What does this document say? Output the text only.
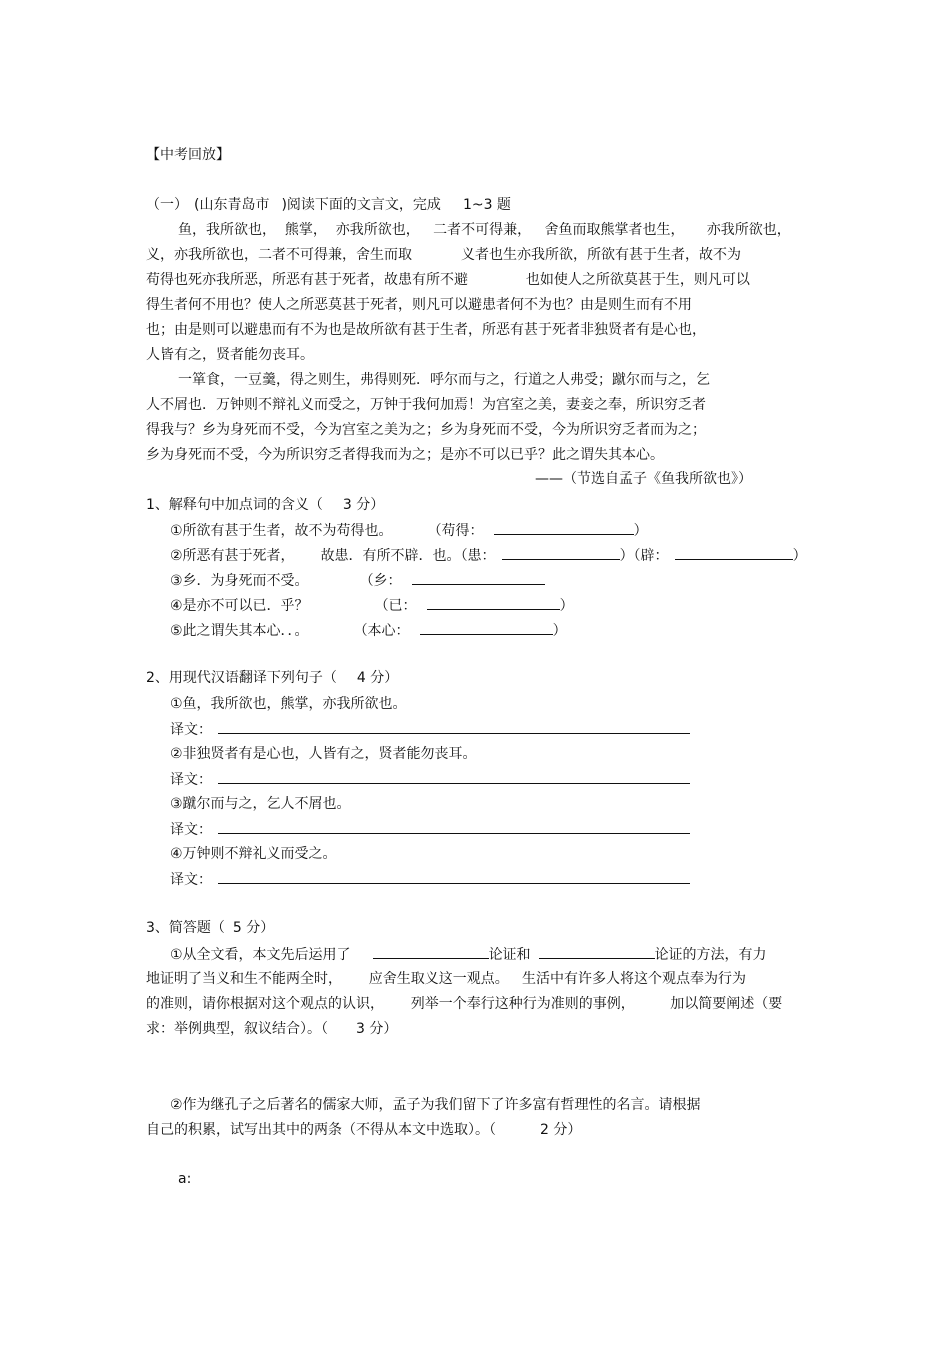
【中考回放】
（一） (山东青岛市 )阅读下面的文言文，完成 1~3 题
鱼，我所欲也，  熊掌，  亦我所欲也，   二者不可得兼，   舍鱼而取熊掌者也生，     亦我所欲也，
义，亦我所欲也，二者不可得兼，舍生而取           义者也生亦我所欲，所欲有甚于生者，故不为
苟得也死亦我所恶，所恶有甚于死者，故患有所不避             也如使人之所欲莫甚于生，则凡可以
得生者何不用也？使人之所恶莫甚于死者，则凡可以避患者何不为也？由是则生而有不用
也；由是则可以避患而有不为也是故所欲有甚于生者，所恶有甚于死者非独贤者有是心也，
人皆有之，贤者能勿丧耳。
一箪食，一豆羹，得之则生，弗得则死．呼尔而与之，行道之人弗受；蹴尔而与之，乞
人不屑也．万钟则不辩礼义而受之，万钟于我何加焉！为宫室之美，妻妾之奉，所识穷乏者
得我与？乡为身死而不受，今为宫室之美为之；乡为身死而不受，今为所识穷乏者而为之；
乡为身死而不受，今为所识穷乏者得我而为之；是亦不可以已乎？此之谓失其本心。
——（节选自孟子《鱼我所欲也》）
1、解释句中加点词的含义（ 3 分）
①所欲有甚于生者，故不为苟得也。	（苟得：	）
②所恶有甚于死者， 故患．有所不辟．也。（患：	）（辟：	）
③乡．为身死而不受。	（乡：
④是亦不可以已．乎？	（已：	）
⑤此之谓失其本心．．。	（本心：	）
2、用现代汉语翻译下列句子（ 4 分）
①鱼，我所欲也，熊掌，亦我所欲也。
译文：
②非独贤者有是心也，人皆有之，贤者能勿丧耳。
译文：
③蹴尔而与之，乞人不屑也。
译文：
④万钟则不辩礼义而受之。
译文：
3、简答题（ 5 分）
①从全文看，本文先后运用了	论证和	论证的方法，有力
地证明了当义和生不能两全时，      应舍生取义这一观点。   生活中有许多人将这个观点奉为行为
的准则，请你根据对这个观点的认识，      列举一个奉行这种行为准则的事例，        加以简要阐述（要
求：举例典型，叙议结合）。（ 3 分）
②作为继孔子之后著名的儒家大师，孟子为我们留下了许多富有哲理性的名言。请根据
自己的积累，试写出其中的两条（不得从本文中选取）。（	2 分）
a:
